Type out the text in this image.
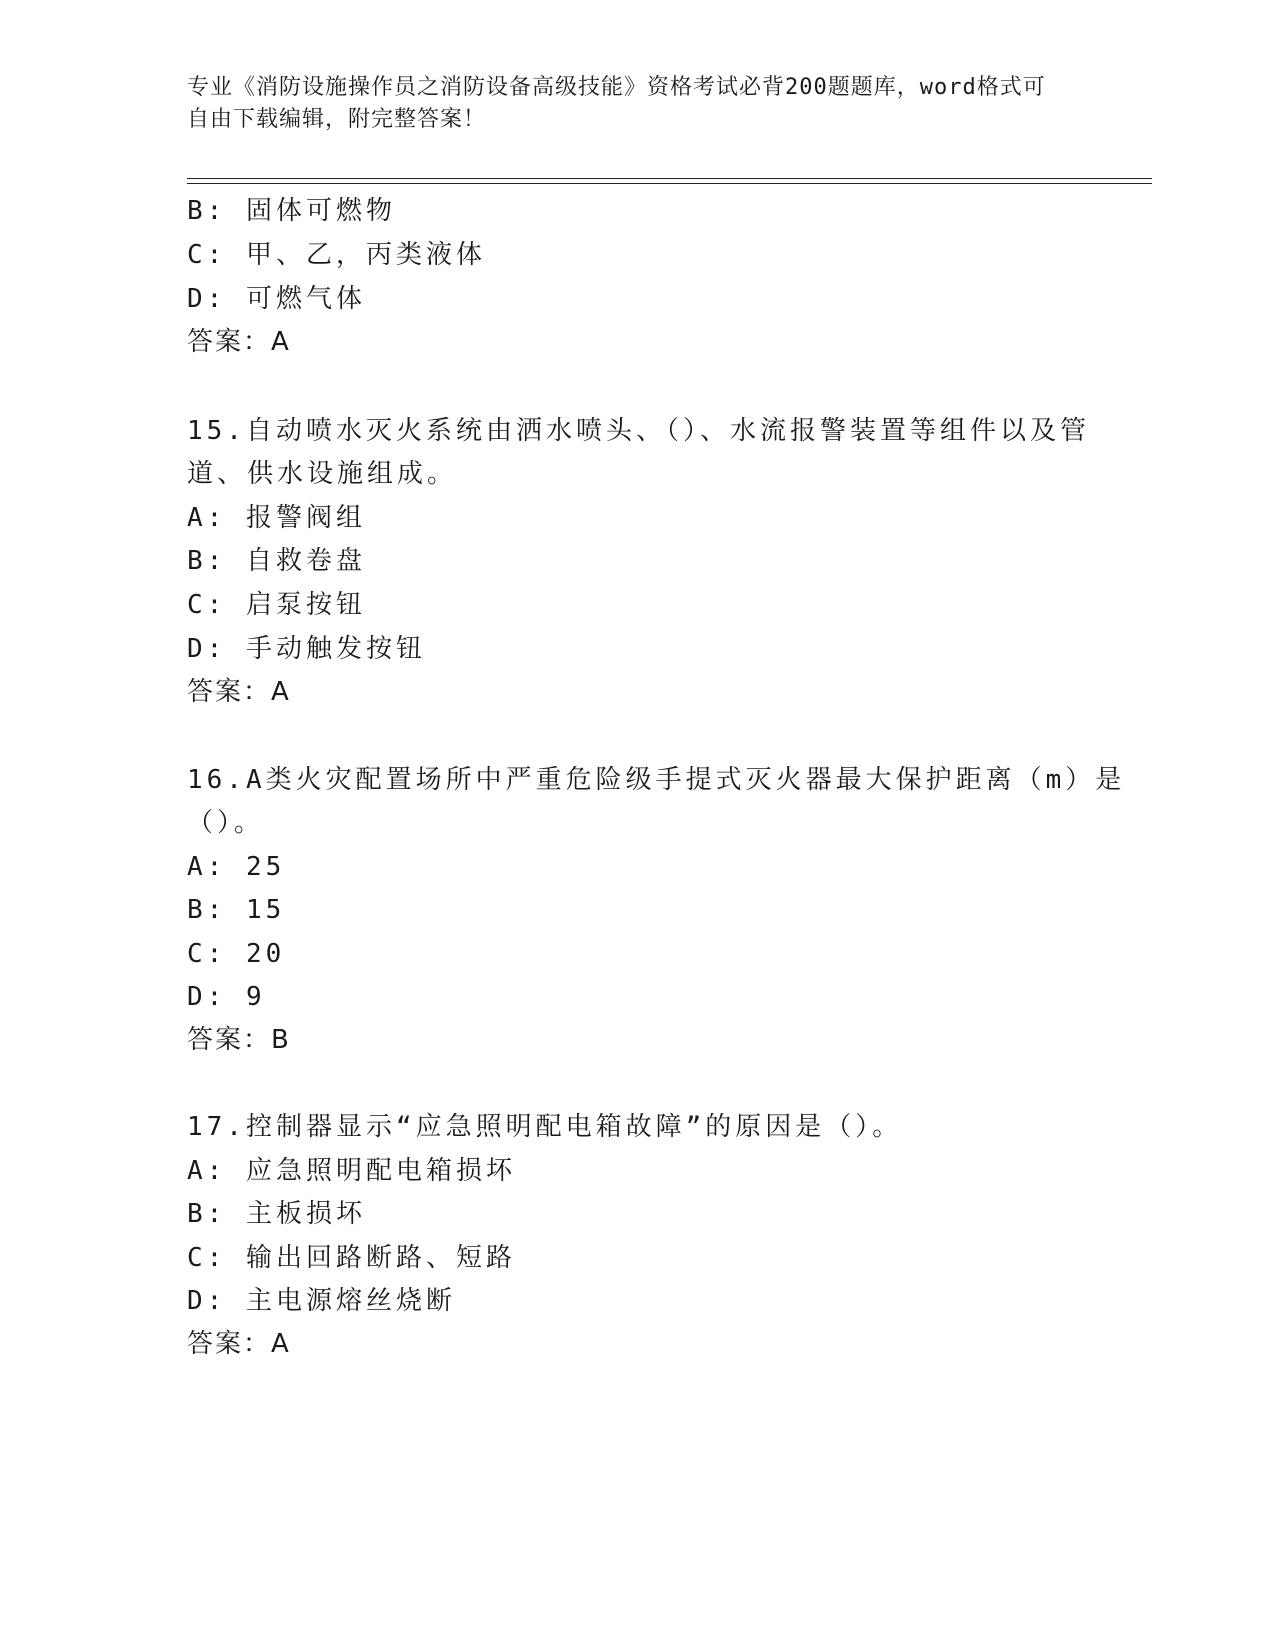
专业《消防设施操作员之消防设备高级技能》资格考试必背200题题库，word格式可自由下载编辑，附完整答案！
B: 固体可燃物
C: 甲、乙，丙类液体
D: 可燃气体
答案：A
15.自动喷水灭火系统由洒水喷头、（）、水流报警装置等组件以及管
道、供水设施组成。
A: 报警阀组
B: 自救卷盘
C: 启泵按钮
D: 手动触发按钮
答案：A
16.A类火灾配置场所中严重危险级手提式灭火器最大保护距离（m）是
（）。
A: 25
B: 15
C: 20
D: 9
答案：B
17.控制器显示“应急照明配电箱故障”的原因是（）。
A: 应急照明配电箱损坏
B: 主板损坏
C: 输出回路断路、短路
D: 主电源熔丝烧断
答案：A
